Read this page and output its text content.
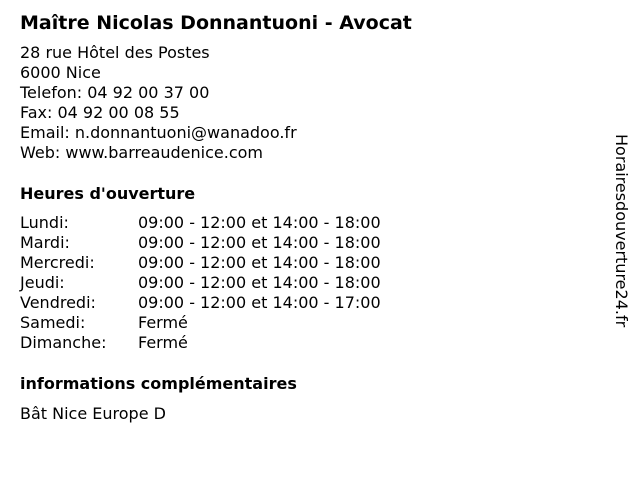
Maître Nicolas Donnantuoni - Avocat
28 rue Hôtel des Postes
6000 Nice
Telefon: 04 92 00 37 00
Fax: 04 92 00 08 55
Email: n.donnantuoni@wanadoo.fr
Web: www.barreaudenice.com
Heures d'ouverture
Lundi:	09:00 - 12:00 et 14:00 - 18:00
Mardi:	09:00 - 12:00 et 14:00 - 18:00
Mercredi:	09:00 - 12:00 et 14:00 - 18:00
Jeudi:	09:00 - 12:00 et 14:00 - 18:00
Vendredi:	09:00 - 12:00 et 14:00 - 17:00
Samedi:	Fermé
Dimanche: Fermé
informations complémentaires
Bât Nice Europe D
Horairesdouverture24.fr
